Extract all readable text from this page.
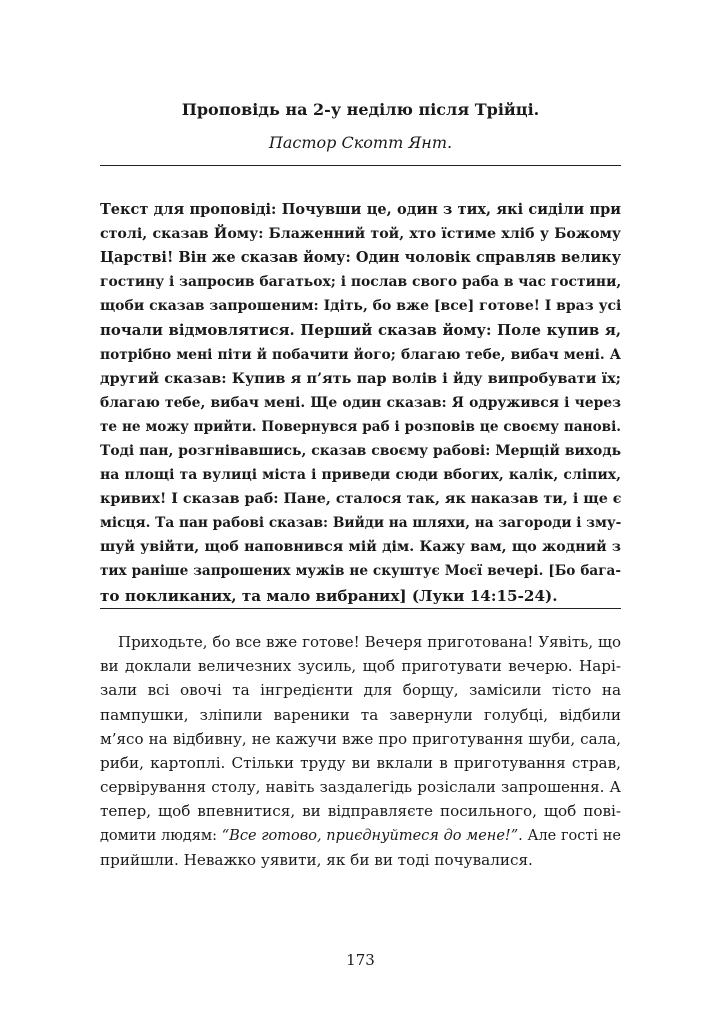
Проповідь на 2-у неділю після Трійці.
Пастор Скотт Янт.
Текст для проповіді: Почувши це, один з тих, які сиділи при
столі, сказав Йому: Блаженний той, хто їстиме хліб у Божому
Царстві! Він же сказав йому: Один чоловік справляв велику
гостину і запросив багатьох; і послав свого раба в час гостини,
щоби сказав запрошеним: Ідіть, бо вже [все] готове! І враз усі
почали відмовлятися. Перший сказав йому: Поле купив я,
потрібно мені піти й побачити його; благаю тебе, вибач мені. А
другий сказав: Купив я п’ять пар волів і йду випробувати їх;
благаю тебе, вибач мені. Ще один сказав: Я одружився і через
те не можу прийти. Повернувся раб і розповів це своєму панові.
Тоді пан, розгнівавшись, сказав своєму рабові: Мерщій виходь
на площі та вулиці міста і приведи сюди вбогих, калік, сліпих,
кривих! І сказав раб: Пане, сталося так, як наказав ти, і ще є
місця. Та пан рабові сказав: Вийди на шляхи, на загороди і зму-
шуй увійти, щоб наповнився мій дім. Кажу вам, що жодний з
тих раніше запрошених мужів не скуштує Моєї вечері. [Бо бага-
то покликаних, та мало вибраних] (Луки 14:15-24).
Приходьте, бо все вже готове! Вечеря приготована! Уявіть, що
ви доклали величезних зусиль, щоб приготувати вечерю. Нарі-
зали всі овочі та інгредієнти для борщу, замісили тісто на
пампушки, зліпили вареники та завернули голубці, відбили
м’ясо на відбивну, не кажучи вже про приготування шуби, сала,
риби, картоплі. Стільки труду ви вклали в приготування страв,
сервірування столу, навіть заздалегідь розіслали запрошення. А
тепер, щоб впевнитися, ви відправляєте посильного, щоб пові-
домити людям: “Все готово, приєднуйтеся до мене!”. Але гості не
прийшли. Неважко уявити, як би ви тоді почувалися.
173
